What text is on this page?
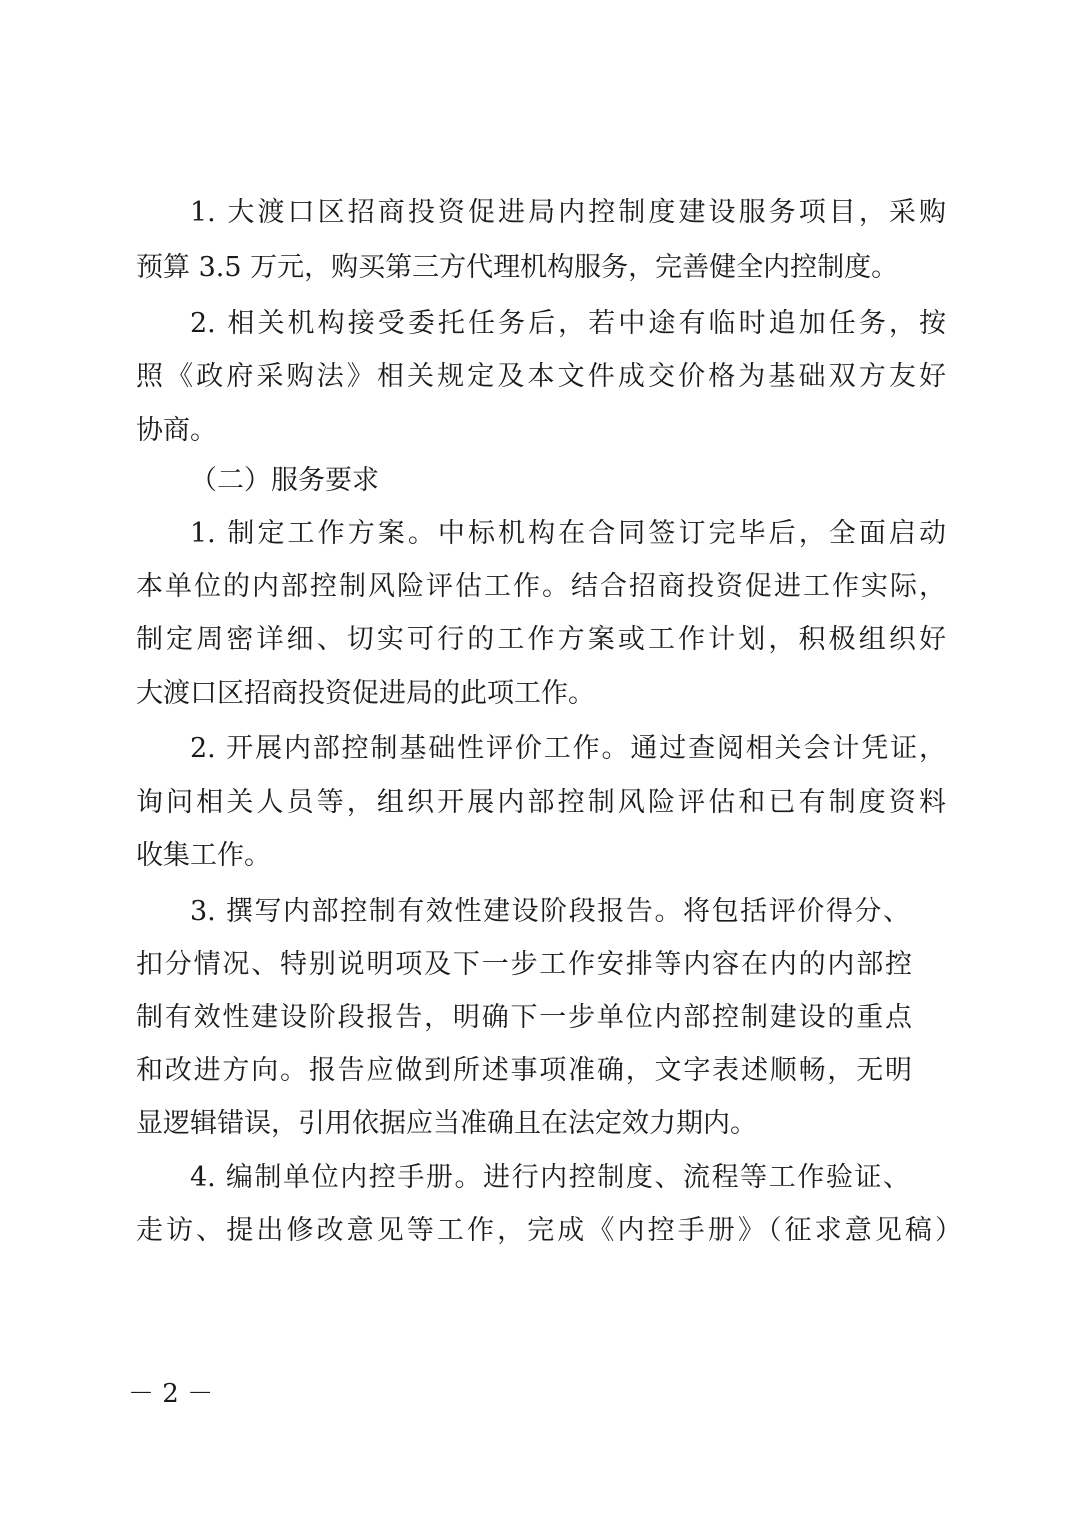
1. 大渡口区招商投资促进局内控制度建设服务项目，采购
预算 3.5 万元，购买第三方代理机构服务，完善健全内控制度。
2. 相关机构接受委托任务后，若中途有临时追加任务，按
照《政府采购法》相关规定及本文件成交价格为基础双方友好
协商。
（二）服务要求
1. 制定工作方案。中标机构在合同签订完毕后，全面启动
本单位的内部控制风险评估工作。结合招商投资促进工作实际，
制定周密详细、切实可行的工作方案或工作计划，积极组织好
大渡口区招商投资促进局的此项工作。
2. 开展内部控制基础性评价工作。通过查阅相关会计凭证，
询问相关人员等，组织开展内部控制风险评估和已有制度资料
收集工作。
3. 撰写内部控制有效性建设阶段报告。将包括评价得分、
扣分情况、特别说明项及下一步工作安排等内容在内的内部控
制有效性建设阶段报告，明确下一步单位内部控制建设的重点
和改进方向。报告应做到所述事项准确，文字表述顺畅，无明
显逻辑错误，引用依据应当准确且在法定效力期内。
4. 编制单位内控手册。进行内控制度、流程等工作验证、
走访、提出修改意见等工作，完成《内控手册》（征求意见稿）
－ 2 －
